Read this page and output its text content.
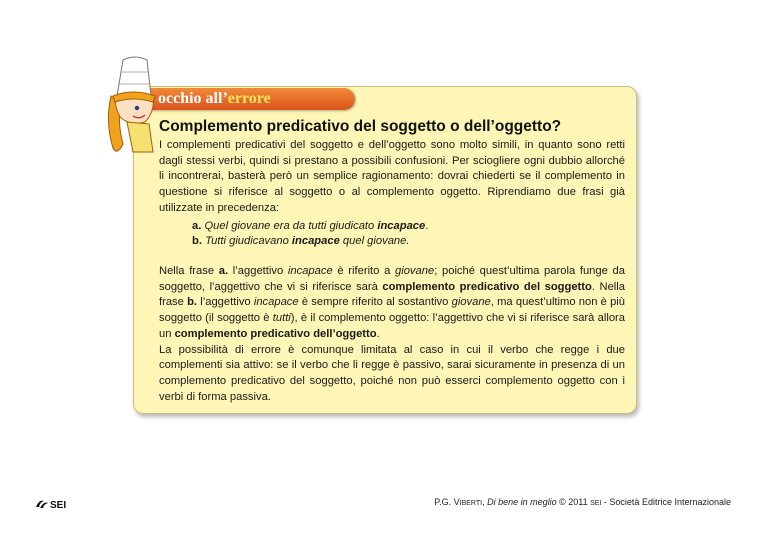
occhio all’errore
Complemento predicativo del soggetto o dell’oggetto?

I complementi predicativi del soggetto e dell’oggetto sono molto simili, in quanto sono retti dagli stessi verbi, quindi si prestano a possibili confusioni. Per sciogliere ogni dubbio allorché li incontrerai, basterà però un semplice ragionamento: dovrai chiederti se il complemento in questione si riferisce al soggetto o al complemento oggetto. Riprendiamo due frasi già utilizzate in precedenza:

a. Quel giovane era da tutti giudicato incapace.
b. Tutti giudicavano incapace quel giovane.

Nella frase a. l’aggettivo incapace è riferito a giovane; poiché quest’ultima parola funge da soggetto, l’aggettivo che vi si riferisce sarà complemento predicativo del soggetto. Nella frase b. l’aggettivo incapace è sempre riferito al sostantivo giovane, ma quest’ultimo non è più soggetto (il soggetto è tutti), è il complemento oggetto: l’aggettivo che vi si riferisce sarà allora un complemento predicativo dell’oggetto.
La possibilità di errore è comunque limitata al caso in cui il verbo che regge i due complementi sia attivo: se il verbo che li regge è passivo, sarai sicuramente in presenza di un complemento predicativo del soggetto, poiché non può esserci complemento oggetto con i verbi di forma passiva.

SEI	P.G. VIBERTI, Di bene in meglio © 2011 SEI - Società Editrice Internazionale
